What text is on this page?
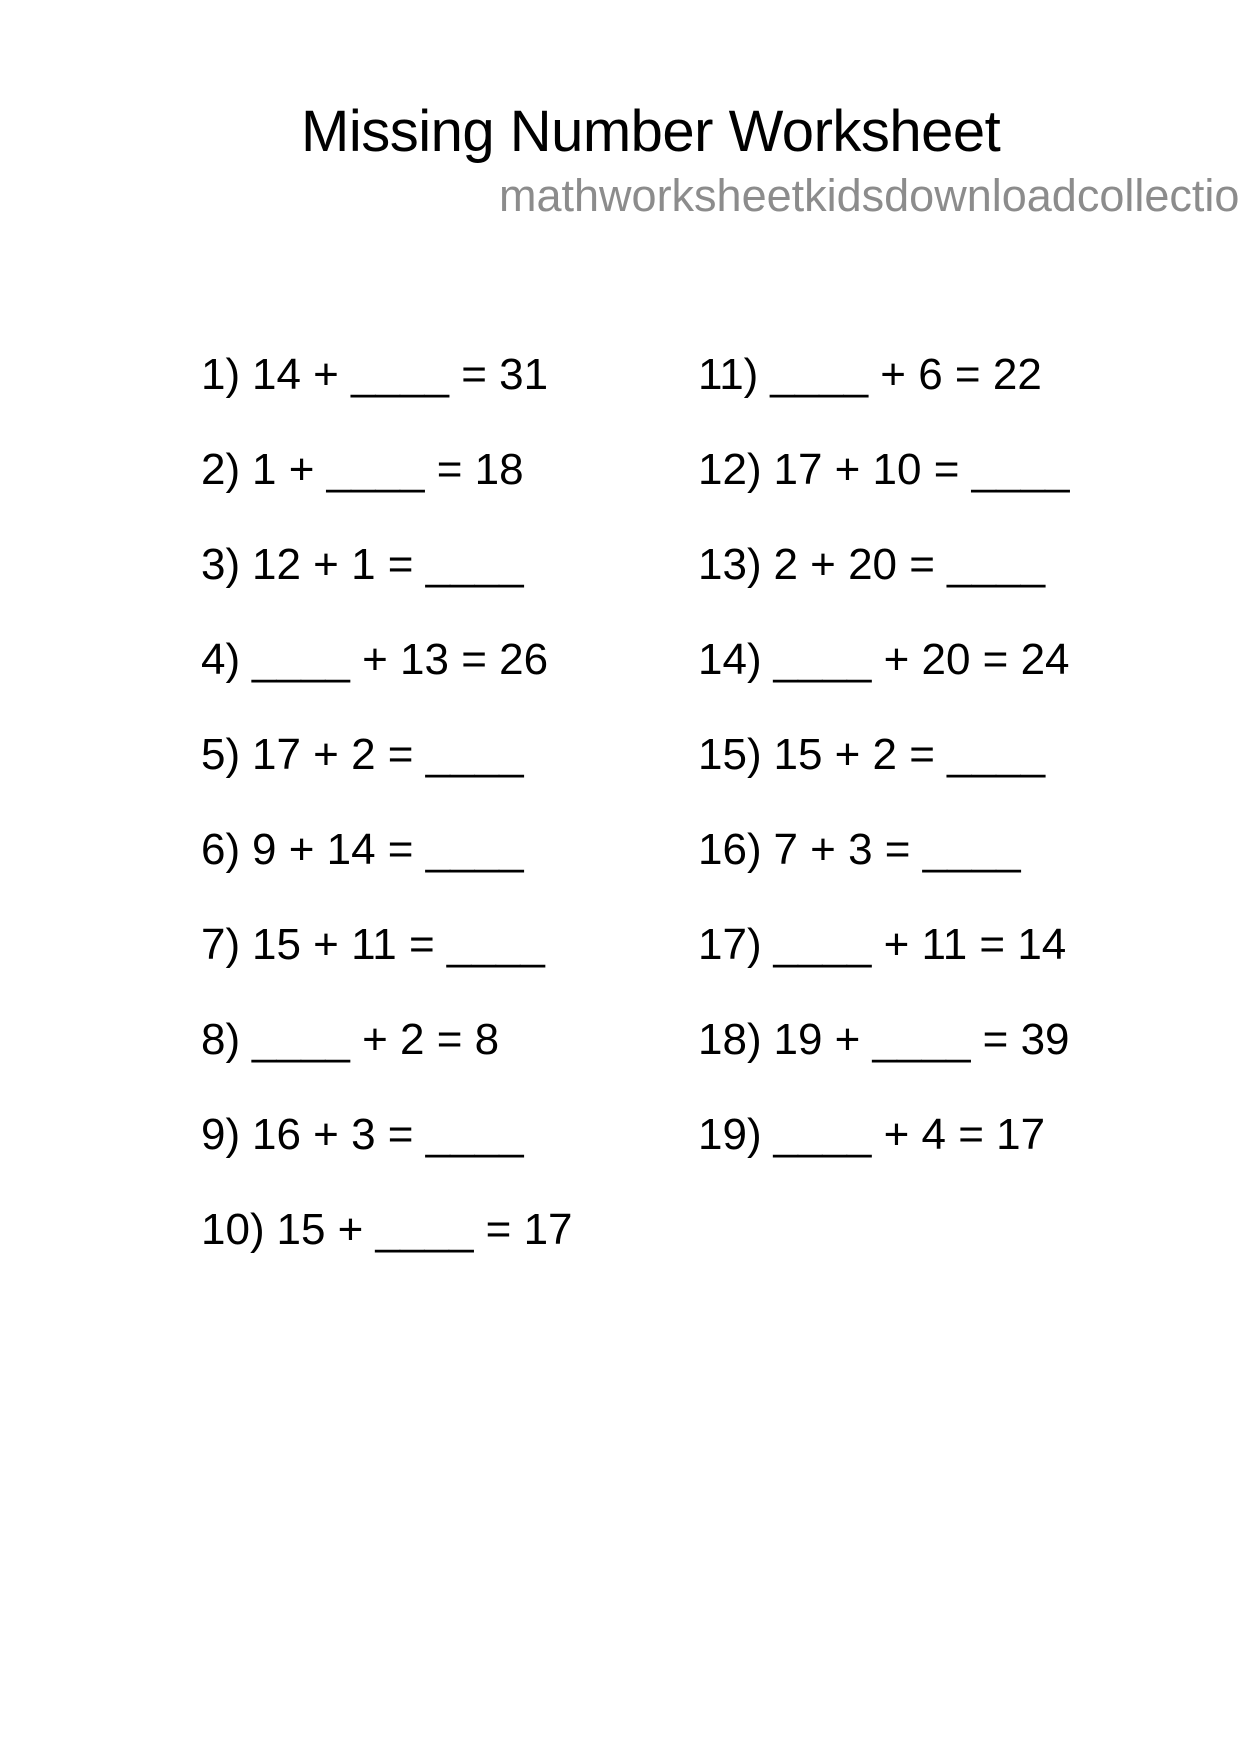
Missing Number Worksheet
mathworksheetkidsdownloadcollectio
1) 14 + ____ = 31
2) 1 + ____ = 18
3) 12 + 1 = ____
4) ____ + 13 = 26
5) 17 + 2 = ____
6) 9 + 14 = ____
7) 15 + 11 = ____
8) ____ + 2 = 8
9) 16 + 3 = ____
10) 15 + ____ = 17
11) ____ + 6 = 22
12) 17 + 10 = ____
13) 2 + 20 = ____
14) ____ + 20 = 24
15) 15 + 2 = ____
16) 7 + 3 = ____
17) ____ + 11 = 14
18) 19 + ____ = 39
19) ____ + 4 = 17
